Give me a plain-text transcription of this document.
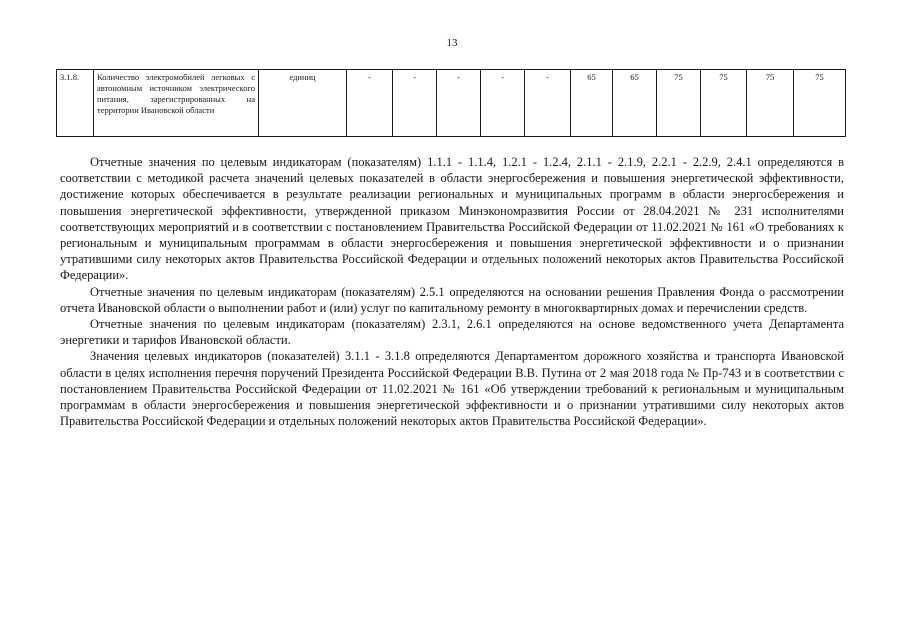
13
3.1.8.	Количество электромобилей легковых с автономным источником электрического питания, зарегистрированных на территории Ивановской области	единиц	-	-	-	-	-	65	65	75	75	75	75

Отчетные значения по целевым индикаторам (показателям) 1.1.1 - 1.1.4, 1.2.1 - 1.2.4, 2.1.1 - 2.1.9, 2.2.1 - 2.2.9, 2.4.1 определяются в соответствии с методикой расчета значений целевых показателей в области энергосбережения и повышения энергетической эффективности, достижение которых обеспечивается в результате реализации региональных и муниципальных программ в области энергосбережения и повышения энергетической эффективности, утвержденной приказом Минэкономразвития России от 28.04.2021 № 231 исполнителями соответствующих мероприятий и в соответствии с постановлением Правительства Российской Федерации от 11.02.2021 № 161 «О требованиях к региональным и муниципальным программам в области энергосбережения и повышения энергетической эффективности и о признании утратившими силу некоторых актов Правительства Российской Федерации и отдельных положений некоторых актов Правительства Российской Федерации».

Отчетные значения по целевым индикаторам (показателям) 2.5.1 определяются на основании решения Правления Фонда о рассмотрении отчета Ивановской области о выполнении работ и (или) услуг по капитальному ремонту в многоквартирных домах и перечислении средств.

Отчетные значения по целевым индикаторам (показателям) 2.3.1, 2.6.1 определяются на основе ведомственного учета Департамента энергетики и тарифов Ивановской области.

Значения целевых индикаторов (показателей) 3.1.1 - 3.1.8 определяются Департаментом дорожного хозяйства и транспорта Ивановской области в целях исполнения перечня поручений Президента Российской Федерации В.В. Путина от 2 мая 2018 года № Пр-743 и в соответствии с постановлением Правительства Российской Федерации от 11.02.2021 № 161 «Об утверждении требований к региональным и муниципальным программам в области энергосбережения и повышения энергетической эффективности и о признании утратившими силу некоторых актов Правительства Российской Федерации и отдельных положений некоторых актов Правительства Российской Федерации».
